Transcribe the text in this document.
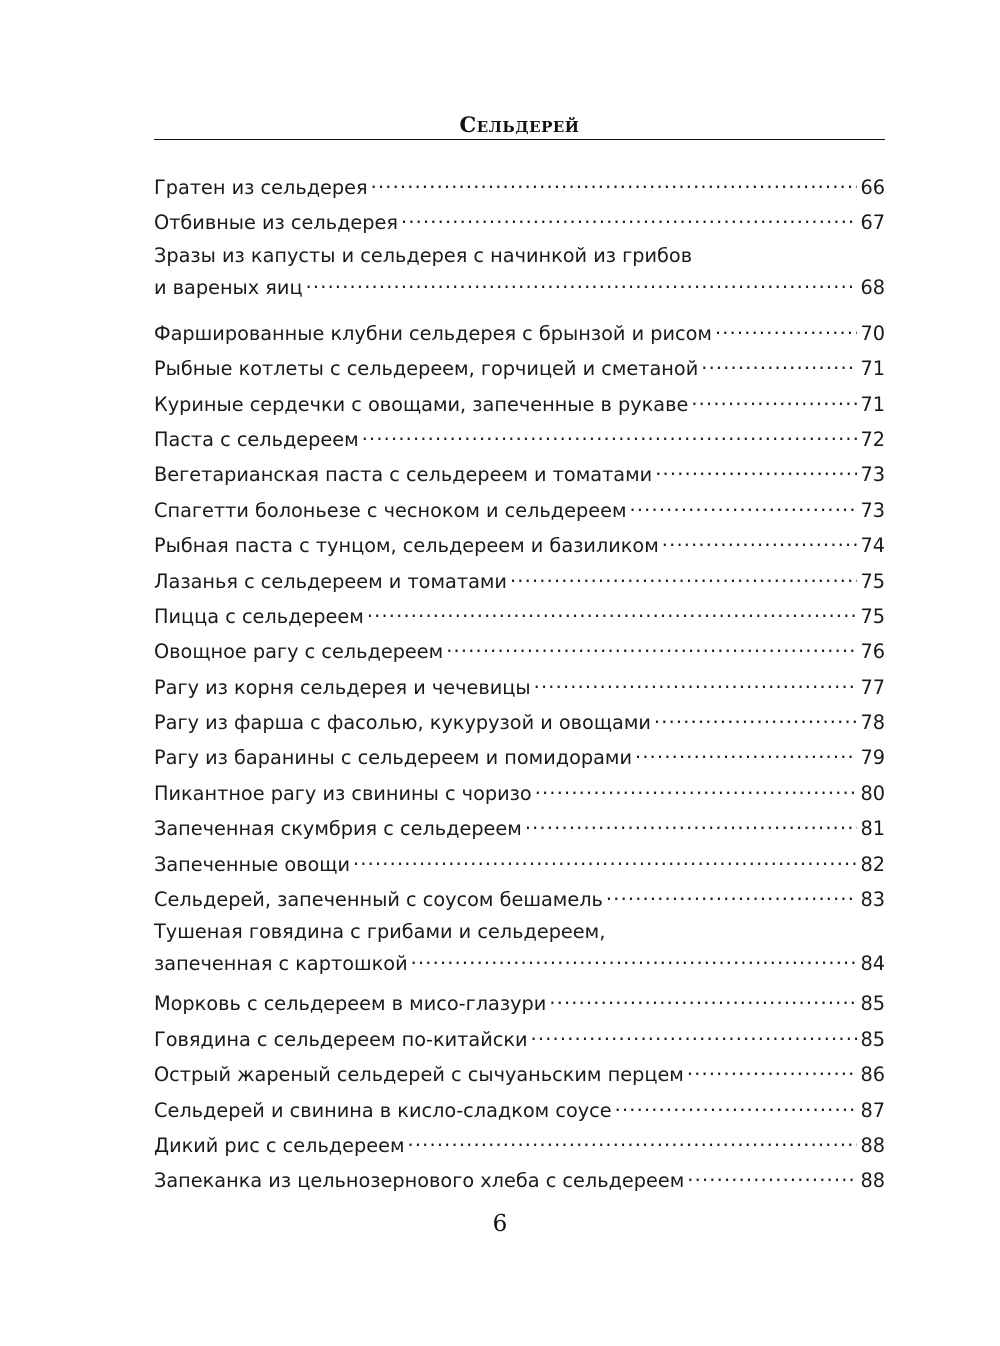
Сельдерей
Гратен из сельдерея .....	66
Отбивные из сельдерея .....	67
Зразы из капусты и сельдерея с начинкой из грибов
и вареных яиц .....	68
Фаршированные клубни сельдерея с брынзой и рисом .....	70
Рыбные котлеты с сельдереем, горчицей и сметаной .....	71
Куриные сердечки с овощами, запеченные в рукаве .....	71
Паста с сельдереем .....	72
Вегетарианская паста с сельдереем и томатами .....	73
Спагетти болоньезе с чесноком и сельдереем .....	73
Рыбная паста с тунцом, сельдереем и базиликом .....	74
Лазанья с сельдереем и томатами .....	75
Пицца с сельдереем .....	75
Овощное рагу с сельдереем .....	76
Рагу из корня сельдерея и чечевицы .....	77
Рагу из фарша с фасолью, кукурузой и овощами .....	78
Рагу из баранины с сельдереем и помидорами .....	79
Пикантное рагу из свинины с чоризо .....	80
Запеченная скумбрия с сельдереем .....	81
Запеченные овощи .....	82
Сельдерей, запеченный с соусом бешамель .....	83
Тушеная говядина с грибами и сельдереем,
запеченная с картошкой .....	84
Морковь с сельдереем в мисо-глазури .....	85
Говядина с сельдереем по-китайски .....	85
Острый жареный сельдерей с сычуаньским перцем .....	86
Сельдерей и свинина в кисло-сладком соусе .....	87
Дикий рис с сельдереем .....	88
Запеканка из цельнозернового хлеба с сельдереем .....	88
6
